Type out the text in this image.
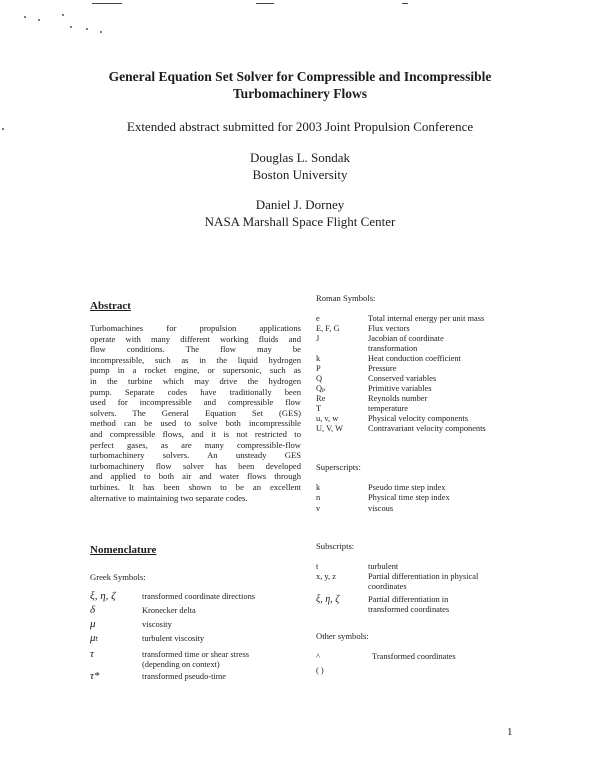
General Equation Set Solver for Compressible and Incompressible
Turbomachinery Flows
Extended abstract submitted for 2003 Joint Propulsion Conference
Douglas L. Sondak
Boston University
Daniel J. Dorney
NASA Marshall Space Flight Center
Abstract
Turbomachines for propulsion applications
operate with many different working fluids and
flow conditions. The flow may be
incompressible, such as in the liquid hydrogen
pump in a rocket engine, or supersonic, such as
in the turbine which may drive the hydrogen
pump. Separate codes have traditionally been
used for incompressible and compressible flow
solvers. The General Equation Set (GES)
method can be used to solve both incompressible
and compressible flows, and it is not restricted to
perfect gases, as are many compressible-flow
turbomachinery solvers. An unsteady GES
turbomachinery flow solver has been developed
and applied to both air and water flows through
turbines. It has been shown to be an excellent
alternative to maintaining two separate codes.
Nomenclature
Greek Symbols:
ξ, η, ζ	transformed coordinate directions
δ	Kronecker delta
μ	viscosity
μₜ	turbulent viscosity
τ	transformed time or shear stress
(depending on context)
τ*	transformed pseudo-time
Roman Symbols:
e	Total internal energy per unit mass
E, F, G	Flux vectors
J	Jacobian of coordinate
transformation
k	Heat conduction coefficient
P	Pressure
Q	Conserved variables
Qₚ	Primitive variables
Re	Reynolds number
T	temperature
u, v, w	Physical velocity components
U, V, W	Contravariant velocity components
Superscripts:
k	Pseudo time step index
n	Physical time step index
v	viscous
Subscripts:
t	turbulent
x, y, z	Partial differentiation in physical
coordinates
ξ, η, ζ	Partial differentiation in
transformed coordinates
Other symbols:
^	Transformed coordinates
( )
1
